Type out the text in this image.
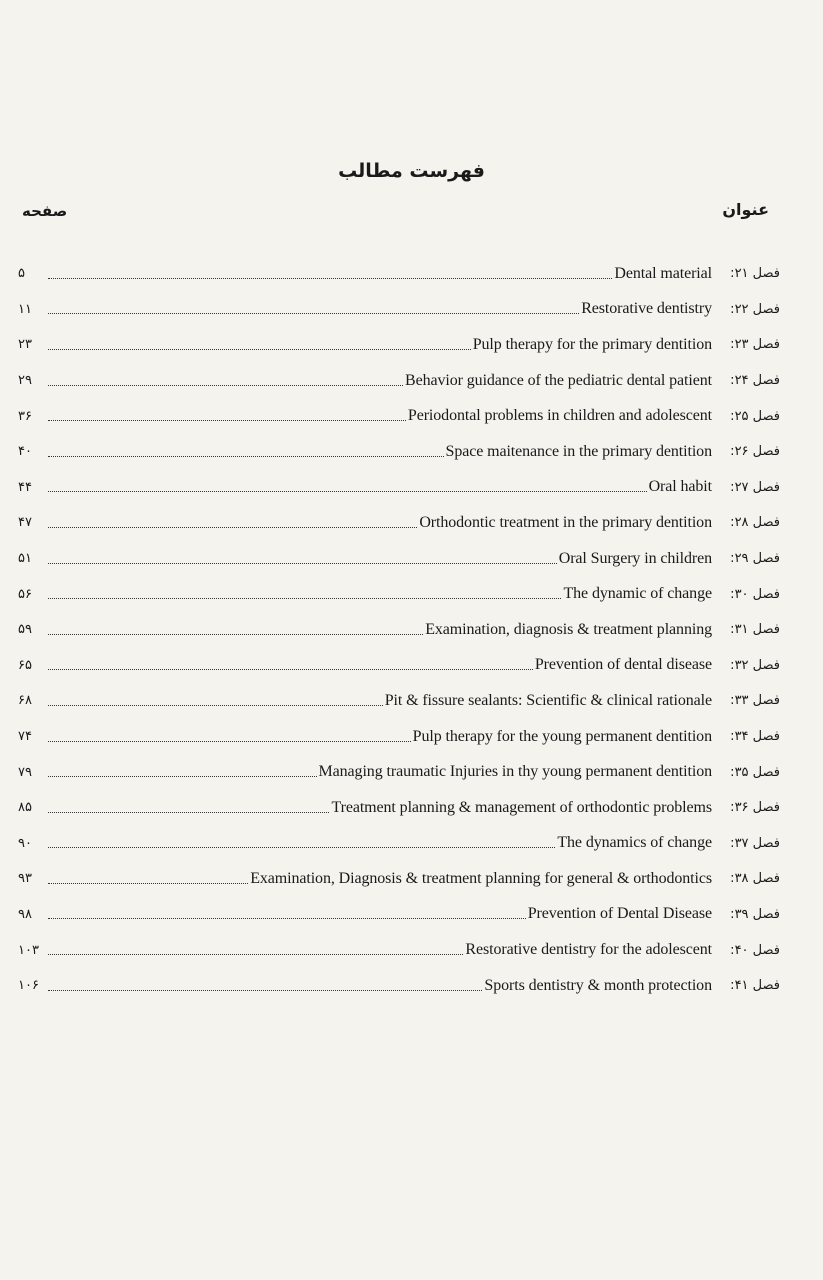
فهرست مطالب
صفحه	عنوان
۵	Dental material	فصل ۲۱:
۱۱	Restorative dentistry	فصل ۲۲:
۲۳	Pulp therapy for the primary dentition	فصل ۲۳:
۲۹	Behavior guidance of the pediatric dental patient	فصل ۲۴:
۳۶	Periodontal problems in children and adolescent	فصل ۲۵:
۴۰	Space maitenance in the primary dentition	فصل ۲۶:
۴۴	Oral habit	فصل ۲۷:
۴۷	Orthodontic treatment in the primary dentition	فصل ۲۸:
۵۱	Oral Surgery in children	فصل ۲۹:
۵۶	The dynamic of change	فصل ۳۰:
۵۹	Examination, diagnosis & treatment planning	فصل ۳۱:
۶۵	Prevention of dental disease	فصل ۳۲:
۶۸	Pit & fissure sealants: Scientific & clinical rationale	فصل ۳۳:
۷۴	Pulp therapy for the young permanent dentition	فصل ۳۴:
۷۹	Managing traumatic Injuries in thy young permanent dentition	فصل ۳۵:
۸۵	Treatment planning & management of orthodontic problems	فصل ۳۶:
۹۰	The dynamics of change	فصل ۳۷:
۹۳	Examination, Diagnosis & treatment planning for general & orthodontics	فصل ۳۸:
۹۸	Prevention of Dental Disease	فصل ۳۹:
۱۰۳	Restorative dentistry for the adolescent	فصل ۴۰:
۱۰۶	Sports dentistry & month protection	فصل ۴۱:
